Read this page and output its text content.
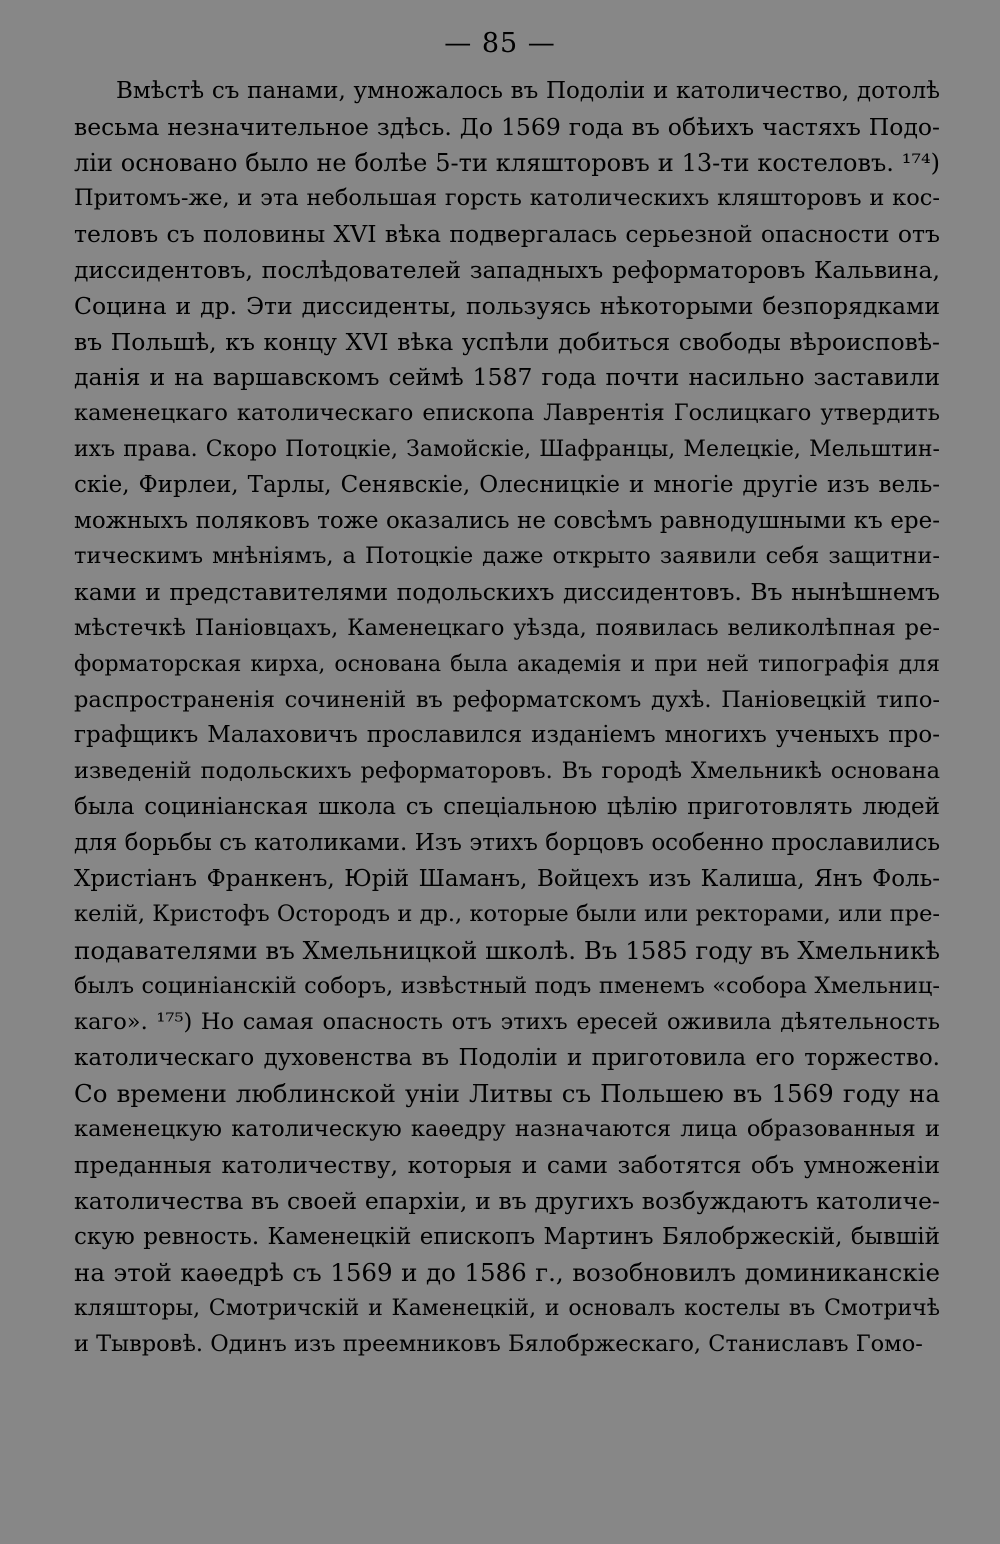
— 85 —
Вмѣстѣ съ панами, умножалось въ Подоліи и католичество, дотолѣ
весьма незначительное здѣсь. До 1569 года въ обѣихъ частяхъ Подо-
ліи основано было не болѣе 5-ти кляшторовъ и 13-ти костеловъ. ¹⁷⁴)
Притомъ-же, и эта небольшая горсть католическихъ кляшторовъ и кос-
теловъ съ половины XVI вѣка подвергалась серьезной опасности отъ
диссидентовъ, послѣдователей западныхъ реформаторовъ Кальвина,
Социна и др. Эти диссиденты, пользуясь нѣкоторыми безпорядками
въ Польшѣ, къ концу XVI вѣка успѣли добиться свободы вѣроисповѣ-
данія и на варшавскомъ сеймѣ 1587 года почти насильно заставили
каменецкаго католическаго епископа Лаврентія Гослицкаго утвердить
ихъ права. Скоро Потоцкіе, Замойскіе, Шафранцы, Мелецкіе, Мельштин-
скіе, Фирлеи, Тарлы, Сенявскіе, Олесницкіе и многіе другіе изъ вель-
можныхъ поляковъ тоже оказались не совсѣмъ равнодушными къ ере-
тическимъ мнѣніямъ, а Потоцкіе даже открыто заявили себя защитни-
ками и представителями подольскихъ диссидентовъ. Въ нынѣшнемъ
мѣстечкѣ Паніовцахъ, Каменецкаго уѣзда, появилась великолѣпная ре-
форматорская кирха, основана была академія и при ней типографія для
распространенія сочиненій въ реформатскомъ духѣ. Паніовецкій типо-
графщикъ Малаховичъ прославился изданіемъ многихъ ученыхъ про-
изведеній подольскихъ реформаторовъ. Въ городѣ Хмельникѣ основана
была социніанская школа съ спеціальною цѣлію приготовлять людей
для борьбы съ католиками. Изъ этихъ борцовъ особенно прославились
Христіанъ Франкенъ, Юрій Шаманъ, Войцехъ изъ Калиша, Янъ Фоль-
келій, Кристофъ Остородъ и др., которые были или ректорами, или пре-
подавателями въ Хмельницкой школѣ. Въ 1585 году въ Хмельникѣ
былъ социніанскій соборъ, извѣстный подъ пменемъ «собора Хмельниц-
каго». ¹⁷⁵) Но самая опасность отъ этихъ ересей оживила дѣятельность
католическаго духовенства въ Подоліи и приготовила его торжество.
Со времени люблинской уніи Литвы съ Польшею въ 1569 году на
каменецкую католическую каѳедру назначаются лица образованныя и
преданныя католичеству, которыя и сами заботятся объ умноженіи
католичества въ своей епархіи, и въ другихъ возбуждаютъ католиче-
скую ревность. Каменецкій епископъ Мартинъ Бялобржескій, бывшій
на этой каѳедрѣ съ 1569 и до 1586 г., возобновилъ доминиканскіе
кляшторы, Смотричскій и Каменецкій, и основалъ костелы въ Смотричѣ
и Тывровѣ. Одинъ изъ преемниковъ Бялобржескаго, Станиславъ Гомо-
